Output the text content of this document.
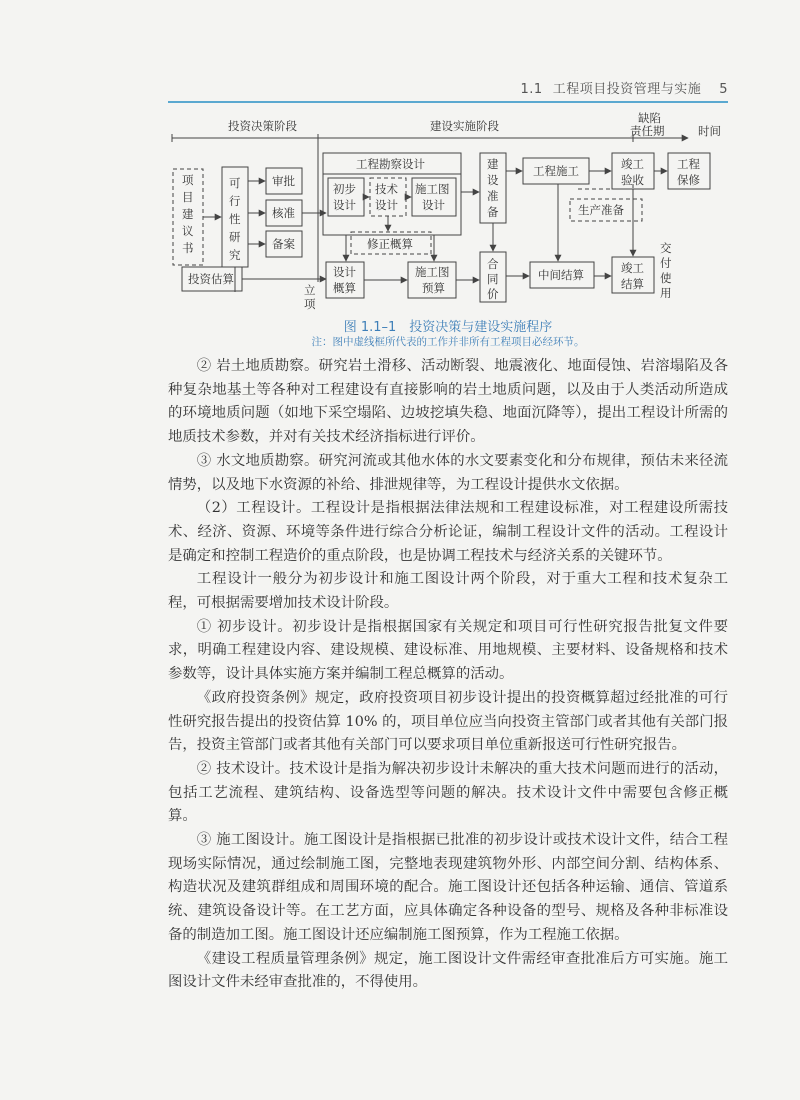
1.1 工程项目投资管理与实施 5
投资决策阶段	建设实施阶段
缺陷
责任期	时间
项
目
建
议
书
可
行
性
研
究
审批
核准
备案
投资估算
工程勘察设计
初步
设计
技术
设计
施工图
设计
修正概算
设计
概算
施工图
预算
建
设
准
备
合
同
价
工程施工
生产准备
竣工
验收
工程
保修
中间结算	竣工
结算
交
付
使
用
立
项
图 1.1–1　投资决策与建设实施程序
注：图中虚线框所代表的工作并非所有工程项目必经环节。

② 岩土地质勘察。研究岩土滑移、活动断裂、地震液化、地面侵蚀、岩溶塌陷及各种复杂地基土等各种对工程建设有直接影响的岩土地质问题，以及由于人类活动所造成的环境地质问题（如地下采空塌陷、边坡挖填失稳、地面沉降等），提出工程设计所需的地质技术参数，并对有关技术经济指标进行评价。

③ 水文地质勘察。研究河流或其他水体的水文要素变化和分布规律，预估未来径流情势，以及地下水资源的补给、排泄规律等，为工程设计提供水文依据。

（2）工程设计。工程设计是指根据法律法规和工程建设标准，对工程建设所需技术、经济、资源、环境等条件进行综合分析论证，编制工程设计文件的活动。工程设计是确定和控制工程造价的重点阶段，也是协调工程技术与经济关系的关键环节。

工程设计一般分为初步设计和施工图设计两个阶段，对于重大工程和技术复杂工程，可根据需要增加技术设计阶段。

① 初步设计。初步设计是指根据国家有关规定和项目可行性研究报告批复文件要求，明确工程建设内容、建设规模、建设标准、用地规模、主要材料、设备规格和技术参数等，设计具体实施方案并编制工程总概算的活动。

《政府投资条例》规定，政府投资项目初步设计提出的投资概算超过经批准的可行性研究报告提出的投资估算 10% 的，项目单位应当向投资主管部门或者其他有关部门报告，投资主管部门或者其他有关部门可以要求项目单位重新报送可行性研究报告。

② 技术设计。技术设计是指为解决初步设计未解决的重大技术问题而进行的活动，包括工艺流程、建筑结构、设备选型等问题的解决。技术设计文件中需要包含修正概算。

③ 施工图设计。施工图设计是指根据已批准的初步设计或技术设计文件，结合工程现场实际情况，通过绘制施工图，完整地表现建筑物外形、内部空间分割、结构体系、构造状况及建筑群组成和周围环境的配合。施工图设计还包括各种运输、通信、管道系统、建筑设备设计等。在工艺方面，应具体确定各种设备的型号、规格及各种非标准设备的制造加工图。施工图设计还应编制施工图预算，作为工程施工依据。

《建设工程质量管理条例》规定，施工图设计文件需经审查批准后方可实施。施工图设计文件未经审查批准的，不得使用。
